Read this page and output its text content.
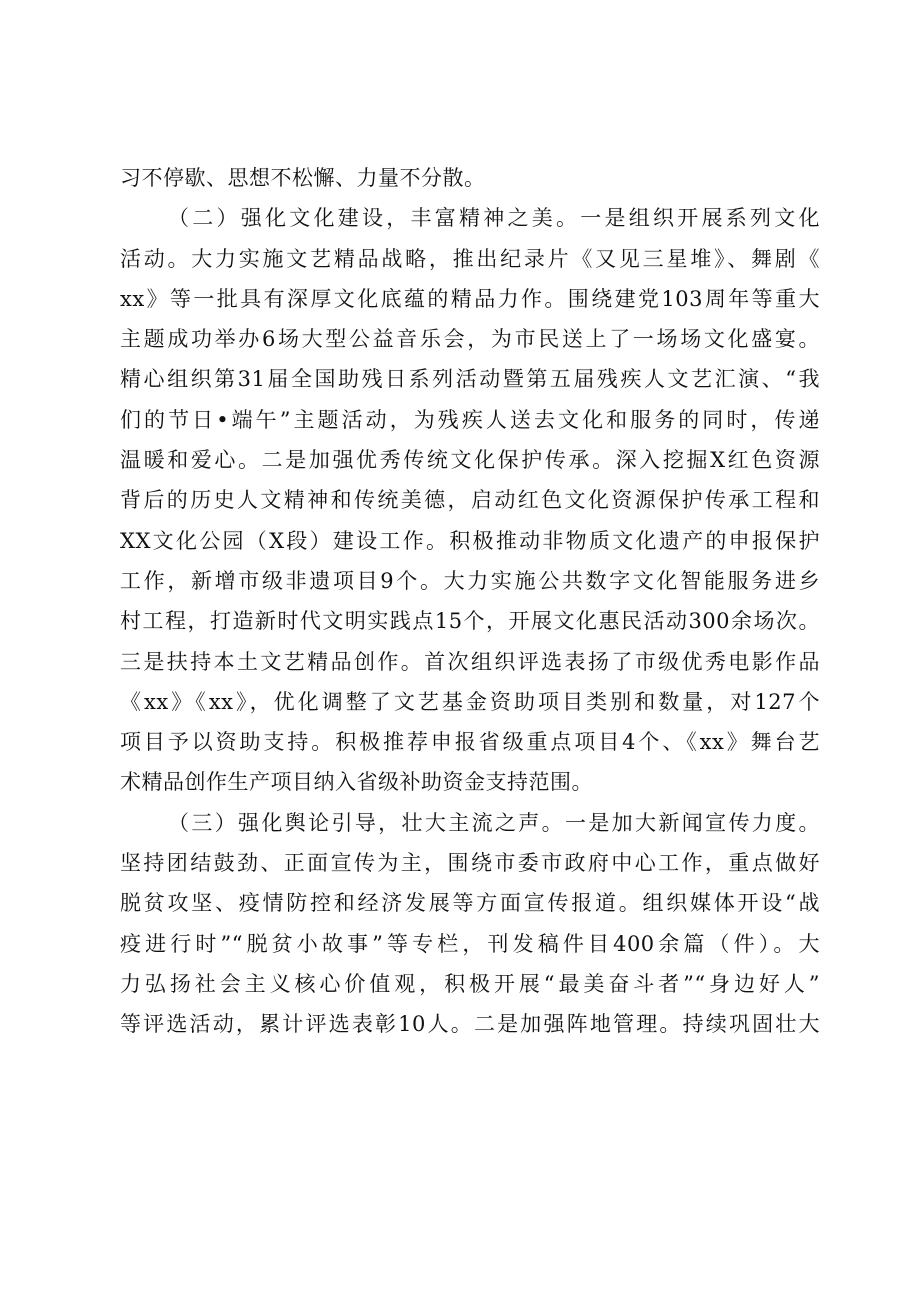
习不停歇、思想不松懈、力量不分散。
（二）强化文化建设，丰富精神之美。一是组织开展系列文化
活动。大力实施文艺精品战略，推出纪录片《又见三星堆》、舞剧《
xx》等一批具有深厚文化底蕴的精品力作。围绕建党103周年等重大
主题成功举办6场大型公益音乐会，为市民送上了一场场文化盛宴。
精心组织第31届全国助残日系列活动暨第五届残疾人文艺汇演、“我
们的节日•端午”主题活动，为残疾人送去文化和服务的同时，传递
温暖和爱心。二是加强优秀传统文化保护传承。深入挖掘X红色资源
背后的历史人文精神和传统美德，启动红色文化资源保护传承工程和
XX文化公园（X段）建设工作。积极推动非物质文化遗产的申报保护
工作，新增市级非遗项目9个。大力实施公共数字文化智能服务进乡
村工程，打造新时代文明实践点15个，开展文化惠民活动300余场次。
三是扶持本土文艺精品创作。首次组织评选表扬了市级优秀电影作品
《xx》《xx》，优化调整了文艺基金资助项目类别和数量，对127个
项目予以资助支持。积极推荐申报省级重点项目4个、《xx》舞台艺
术精品创作生产项目纳入省级补助资金支持范围。
（三）强化舆论引导，壮大主流之声。一是加大新闻宣传力度。
坚持团结鼓劲、正面宣传为主，围绕市委市政府中心工作，重点做好
脱贫攻坚、疫情防控和经济发展等方面宣传报道。组织媒体开设“战
疫进行时”“脱贫小故事”等专栏，刊发稿件目400余篇（件）。大
力弘扬社会主义核心价值观，积极开展“最美奋斗者”“身边好人”
等评选活动，累计评选表彰10人。二是加强阵地管理。持续巩固壮大
